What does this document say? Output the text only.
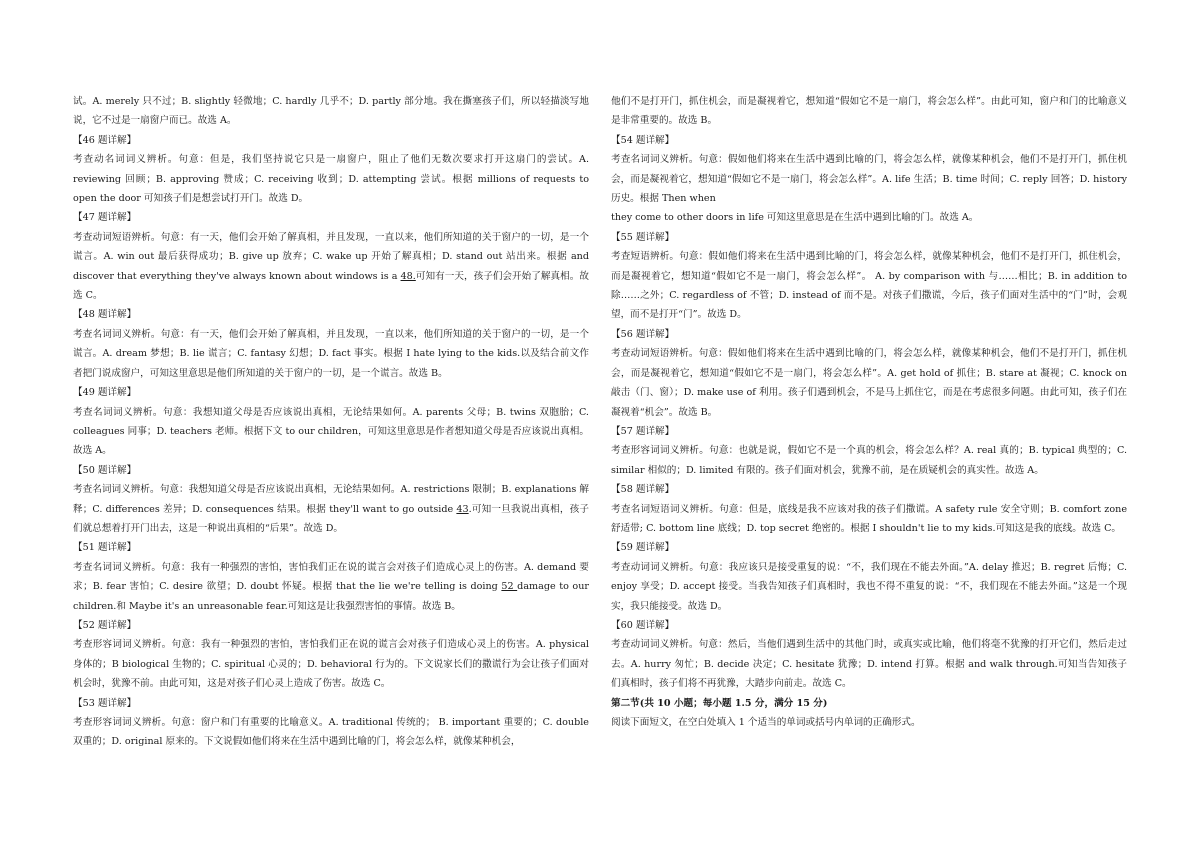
试。A. merely 只不过；B. slightly 轻微地；C. hardly 几乎不；D. partly 部分地。我在撕塞孩子们，所以轻描淡写地说，它不过是一扇窗户而已。故选 A。

【46 题详解】

考查动名词词义辨析。句意：但是，我们坚持说它只是一扇窗户，阻止了他们无数次要求打开这扇门的尝试。A. reviewing 回顾；B. approving 赞成；C. receiving 收到；D. attempting 尝试。根据 millions of requests to open the door 可知孩子们是想尝试打开门。故选 D。

【47 题详解】

考查动词短语辨析。句意：有一天，他们会开始了解真相，并且发现，一直以来，他们所知道的关于窗户的一切，是一个谎言。A. win out 最后获得成功；B. give up 放弃；C. wake up 开始了解真相；D. stand out 站出来。根据 and discover that everything they've always known about windows is a 48.可知有一天，孩子们会开始了解真相。故选 C。

【48 题详解】

考查名词词义辨析。句意：有一天，他们会开始了解真相，并且发现，一直以来，他们所知道的关于窗户的一切，是一个谎言。A. dream 梦想；B. lie 谎言；C. fantasy 幻想；D. fact 事实。根据 I hate lying to the kids.以及结合前文作者把门说成窗户，可知这里意思是他们所知道的关于窗户的一切，是一个谎言。故选 B。

【49 题详解】

考查名词词义辨析。句意：我想知道父母是否应该说出真相，无论结果如何。A. parents 父母；B. twins 双胞胎；C. colleagues 同事；D. teachers 老师。根据下文 to our children，可知这里意思是作者想知道父母是否应该说出真相。故选 A。

【50 题详解】

考查名词词义辨析。句意：我想知道父母是否应该说出真相，无论结果如何。A. restrictions 限制；B. explanations 解释；C. differences 差异；D. consequences 结果。根据 they'll want to go outside 43.可知一旦我说出真相，孩子们就总想着打开门出去，这是一种说出真相的“后果”。故选 D。

【51 题详解】

考查名词词义辨析。句意：我有一种强烈的害怕，害怕我们正在说的谎言会对孩子们造成心灵上的伤害。A. demand 要求；B. fear 害怕；C. desire 欲望；D. doubt 怀疑。根据 that the lie we're telling is doing 52 damage to our children.和 Maybe it's an unreasonable fear.可知这是让我强烈害怕的事情。故选 B。

【52 题详解】

考查形容词词义辨析。句意：我有一种强烈的害怕，害怕我们正在说的谎言会对孩子们造成心灵上的伤害。A. physical 身体的；B biological 生物的；C. spiritual 心灵的；D. behavioral 行为的。下文说家长们的撒谎行为会让孩子们面对机会时，犹豫不前。由此可知，这是对孩子们心灵上造成了伤害。故选 C。

【53 题详解】

考查形容词词义辨析。句意：窗户和门有重要的比喻意义。A. traditional 传统的； B. important 重要的；C. double 双重的；D. original 原来的。下文说假如他们将来在生活中遇到比喻的门，将会怎么样，就像某种机会，

他们不是打开门，抓住机会，而是凝视着它，想知道“假如它不是一扇门，将会怎么样”。由此可知，窗户和门的比喻意义是非常重要的。故选 B。

【54 题详解】

考查名词词义辨析。句意：假如他们将来在生活中遇到比喻的门，将会怎么样，就像某种机会，他们不是打开门，抓住机会，而是凝视着它，想知道“假如它不是一扇门，将会怎么样”。A. life 生活；B. time 时间；C. reply 回答；D. history 历史。根据 Then when

they come to other doors in life 可知这里意思是在生活中遇到比喻的门。故选 A。

【55 题详解】

考查短语辨析。句意：假如他们将来在生活中遇到比喻的门，将会怎么样，就像某种机会，他们不是打开门，抓住机会，而是凝视着它，想知道“假如它不是一扇门，将会怎么样”。 A. by comparison with 与……相比；B. in addition to 除……之外；C. regardless of 不管；D. instead of 而不是。对孩子们撒谎，今后，孩子们面对生活中的“门”时，会观望，而不是打开“门”。故选 D。

【56 题详解】

考查动词短语辨析。句意：假如他们将来在生活中遇到比喻的门，将会怎么样，就像某种机会，他们不是打开门，抓住机会，而是凝视着它，想知道“假如它不是一扇门，将会怎么样”。A. get hold of 抓住；B. stare at 凝视；C. knock on 敲击（门、窗）；D. make use of 利用。孩子们遇到机会，不是马上抓住它，而是在考虑很多问题。由此可知，孩子们在凝视着“机会”。故选 B。

【57 题详解】

考查形容词词义辨析。句意：也就是说，假如它不是一个真的机会，将会怎么样？A. real 真的；B. typical 典型的；C. similar 相似的；D. limited 有限的。孩子们面对机会，犹豫不前，是在质疑机会的真实性。故选 A。

【58 题详解】

考查名词短语词义辨析。句意：但是，底线是我不应该对我的孩子们撒谎。A safety rule 安全守则；B. comfort zone 舒适带; C. bottom line 底线；D. top secret 绝密的。根据 I shouldn't lie to my kids.可知这是我的底线。故选 C。

【59 题详解】

考查动词词义辨析。句意：我应该只是接受重复的说：“不，我们现在不能去外面。”A. delay 推迟；B. regret 后悔；C. enjoy 享受；D. accept 接受。当我告知孩子们真相时，我也不得不重复的说：“不，我们现在不能去外面。”这是一个现实，我只能接受。故选 D。

【60 题详解】

考查动词词义辨析。句意：然后，当他们遇到生活中的其他门时，或真实或比喻，他们将毫不犹豫的打开它们，然后走过去。A. hurry 匆忙；B. decide 决定；C. hesitate 犹豫；D. intend 打算。根据 and walk through.可知当告知孩子们真相时，孩子们将不再犹豫，大踏步向前走。故选 C。

第二节(共 10 小题；每小题 1.5 分，满分 15 分)

阅读下面短文，在空白处填入 1 个适当的单词或括号内单词的正确形式。
